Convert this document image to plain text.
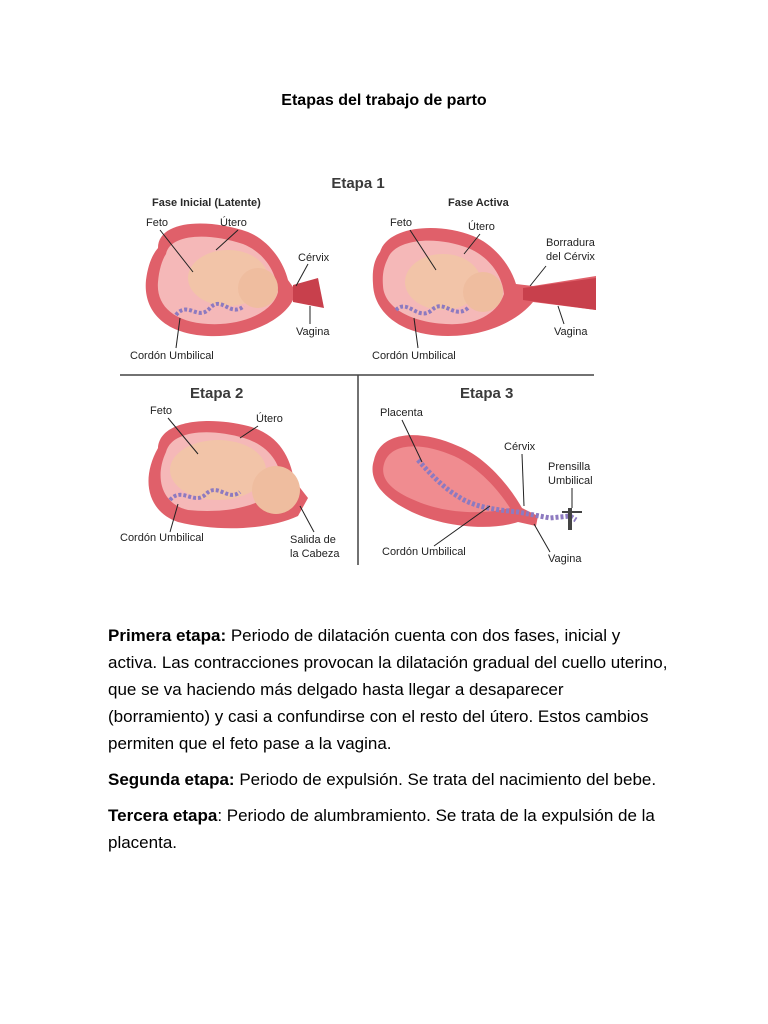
Etapas del trabajo de parto
Etapa 1
Fase Inicial (Latente)	Fase Activa
Feto	Útero
Cérvix
Vagina
Cordón Umbilical
Feto	Útero
Borradura
del Cérvix
Vagina
Cordón Umbilical
Etapa 2
Feto
Útero
Cordón Umbilical	Salida de
la Cabeza
Etapa 3
Placenta
Cérvix
Prensilla
Umbilical
Cordón Umbilical
Vagina

Primera etapa: Periodo de dilatación cuenta con dos fases, inicial y activa. Las contracciones provocan la dilatación gradual del cuello uterino, que se va haciendo más delgado hasta llegar a desaparecer (borramiento) y casi a confundirse con el resto del útero. Estos cambios permiten que el feto pase a la vagina.

Segunda etapa: Periodo de expulsión. Se trata del nacimiento del bebe.

Tercera etapa: Periodo de alumbramiento. Se trata de la expulsión de la placenta.
